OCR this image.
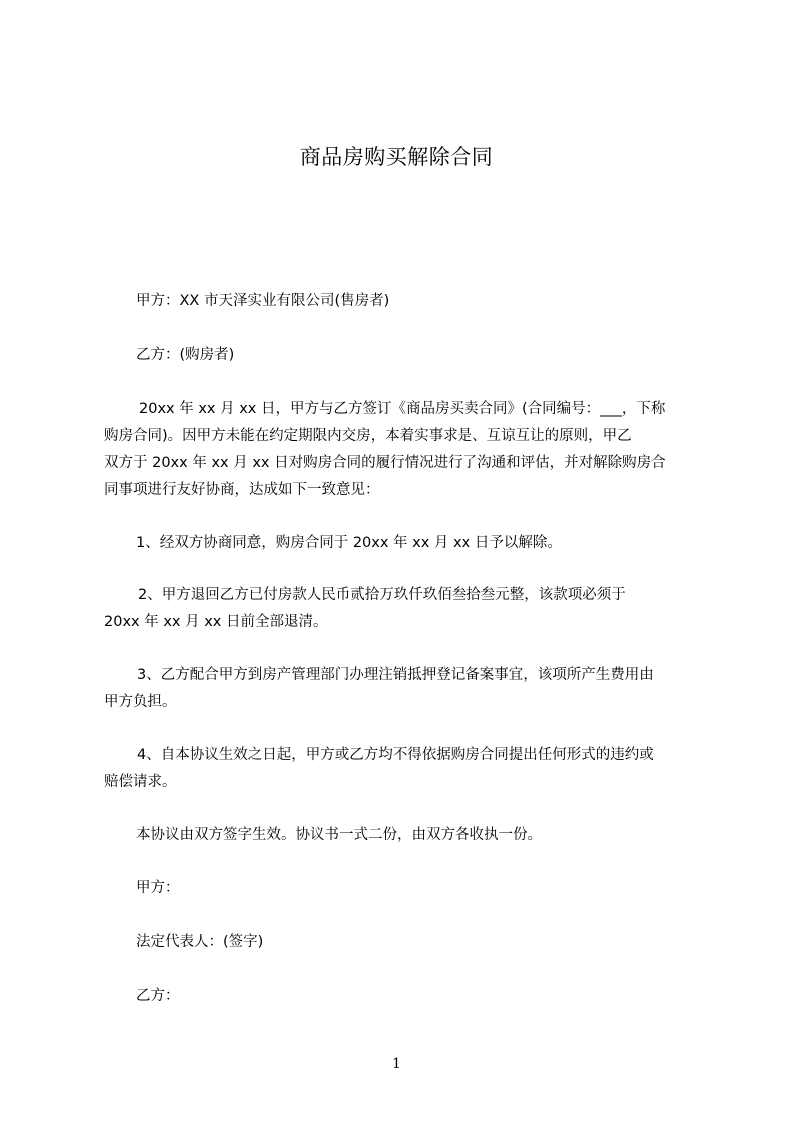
商品房购买解除合同
甲方：XX 市天泽实业有限公司(售房者)
乙方：(购房者)
20xx 年 xx 月 xx 日，甲方与乙方签订《商品房买卖合同》(合同编号：___，下称
购房合同)。因甲方未能在约定期限内交房，本着实事求是、互谅互让的原则，甲乙
双方于 20xx 年 xx 月 xx 日对购房合同的履行情况进行了沟通和评估，并对解除购房合
同事项进行友好协商，达成如下一致意见：
1、经双方协商同意，购房合同于 20xx 年 xx 月 xx 日予以解除。
2、甲方退回乙方已付房款人民币贰拾万玖仟玖佰叁拾叁元整，该款项必须于
20xx 年 xx 月 xx 日前全部退清。
3、乙方配合甲方到房产管理部门办理注销抵押登记备案事宜，该项所产生费用由
甲方负担。
4、自本协议生效之日起，甲方或乙方均不得依据购房合同提出任何形式的违约或
赔偿请求。
本协议由双方签字生效。协议书一式二份，由双方各收执一份。
甲方：
法定代表人：(签字)
乙方：
1
